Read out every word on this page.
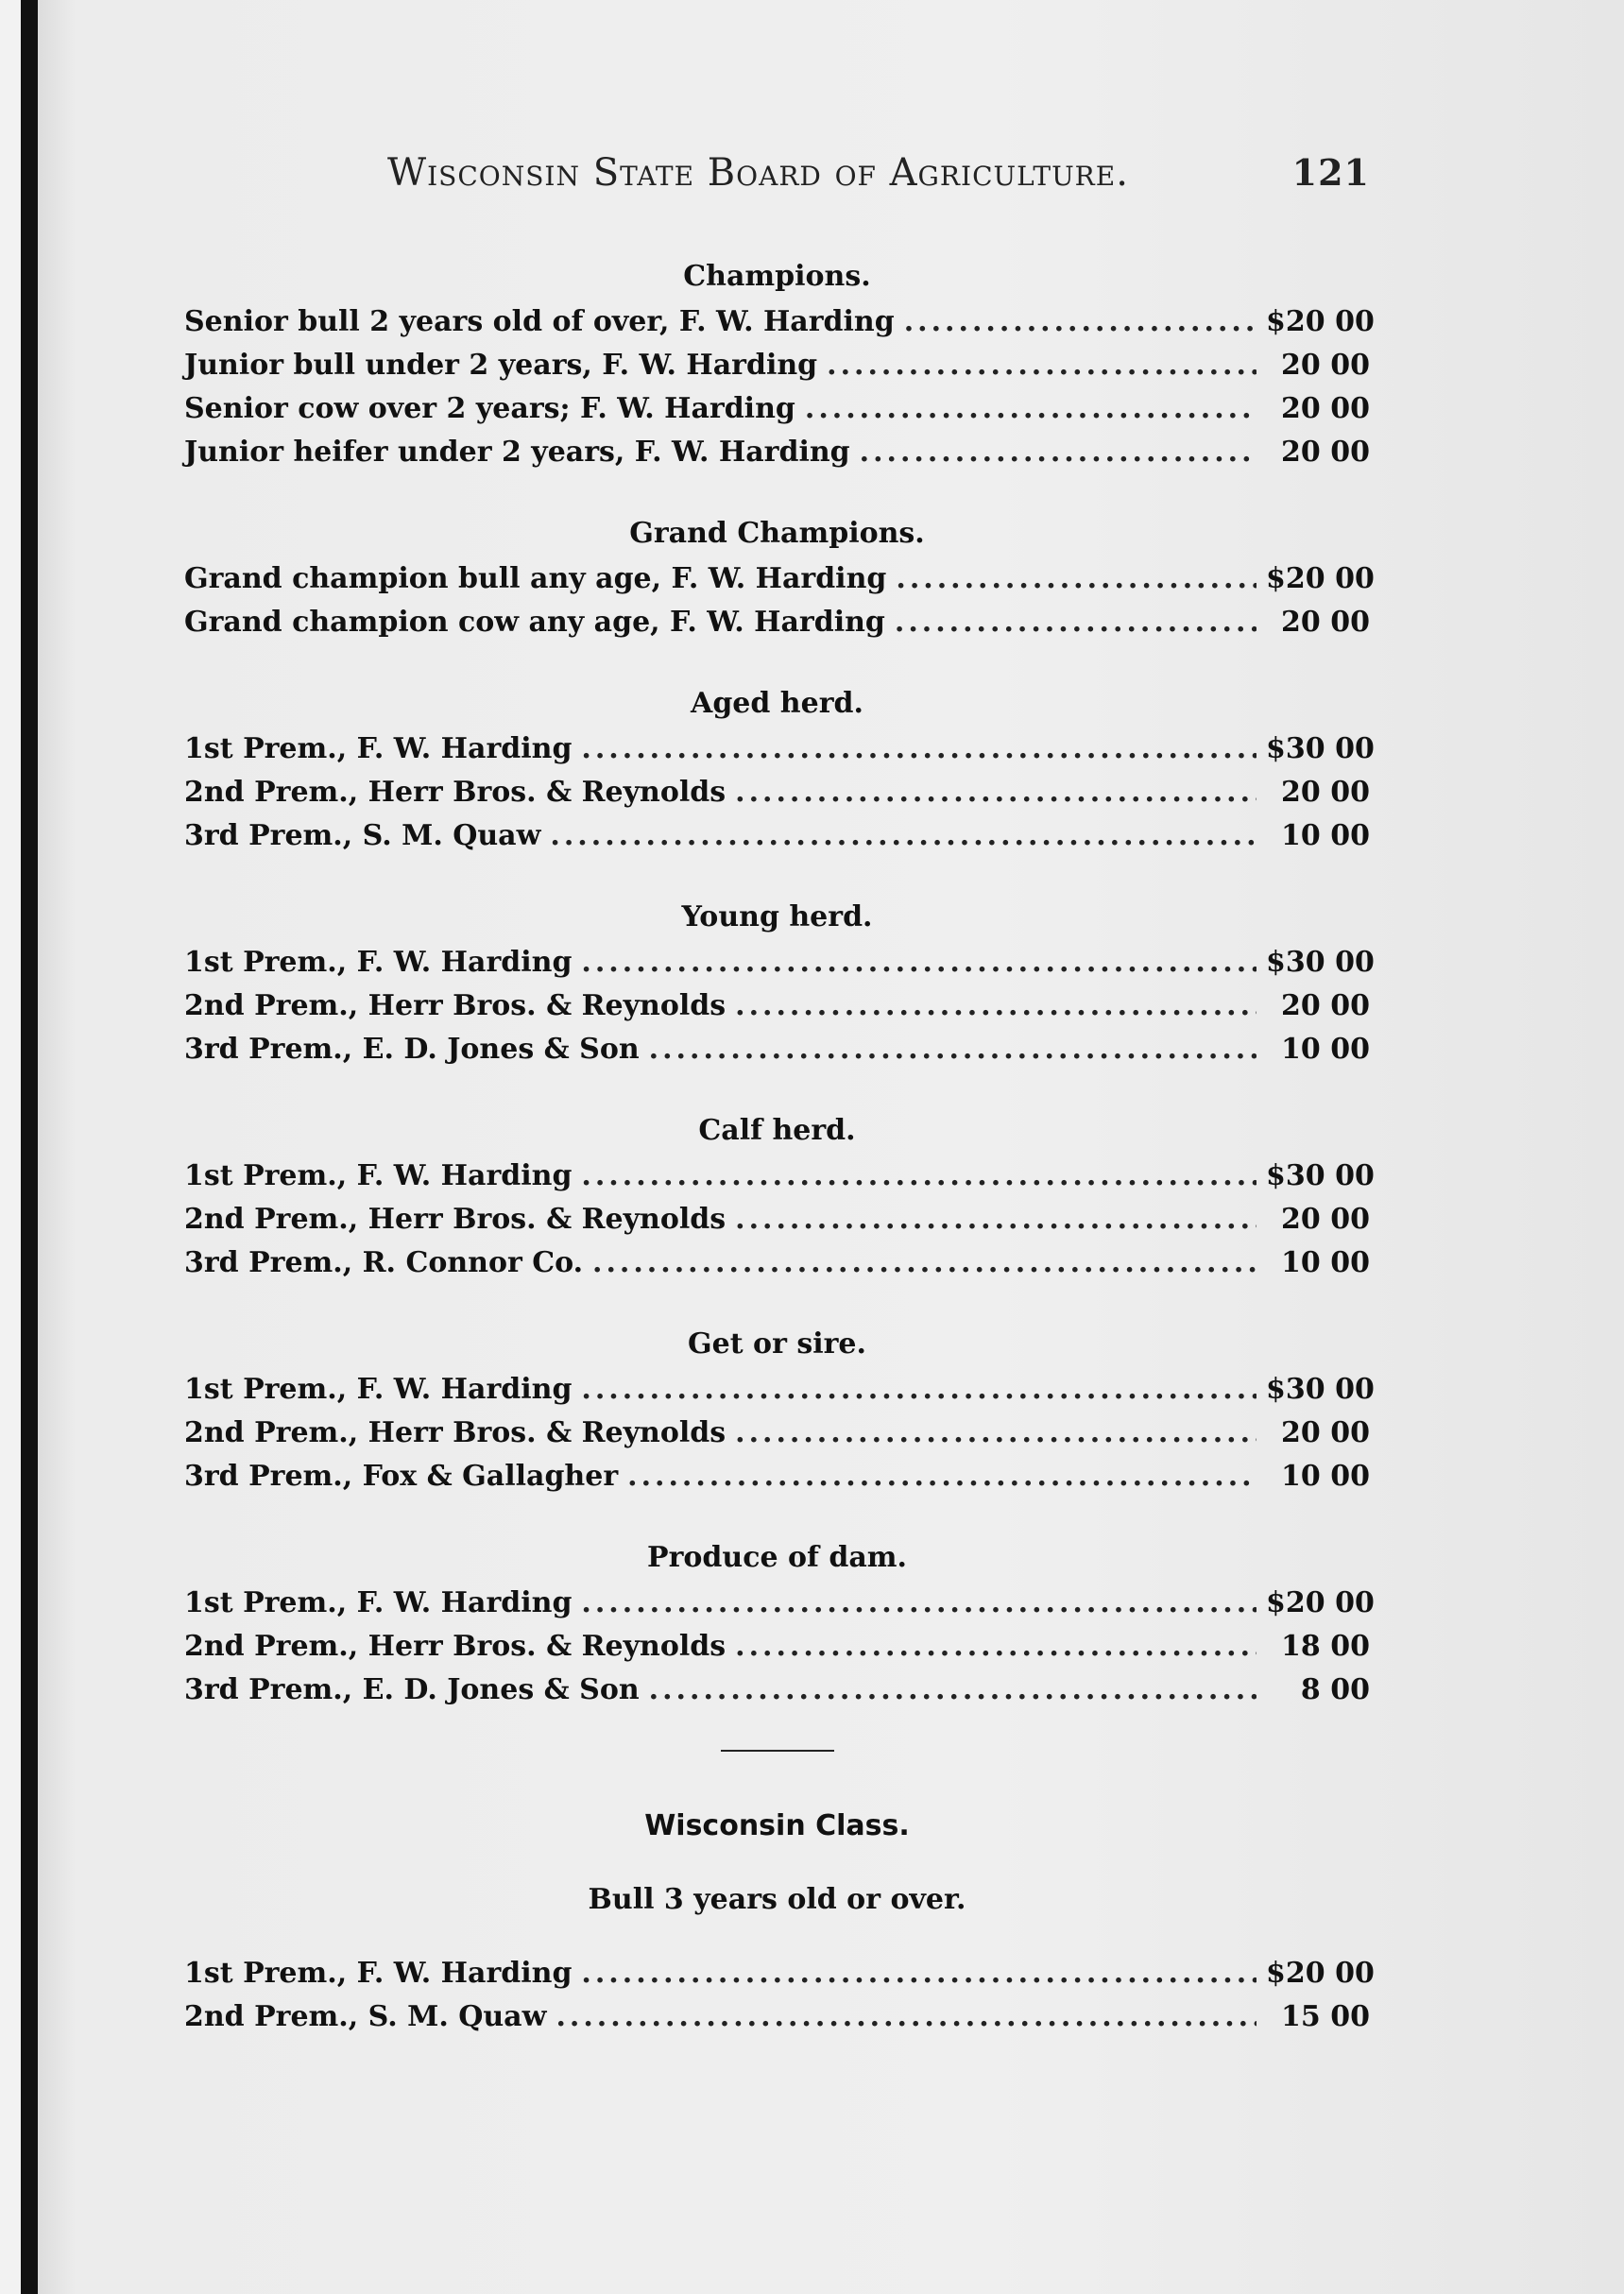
Wisconsin State Board of Agriculture.	121
Champions.
Senior bull 2 years old of over, F. W. Harding .....	$20 00
Junior bull under 2 years, F. W. Harding .....	20 00
Senior cow over 2 years; F. W. Harding .....	20 00
Junior heifer under 2 years, F. W. Harding .....	20 00
Grand Champions.
Grand champion bull any age, F. W. Harding .....	$20 00
Grand champion cow any age, F. W. Harding .....	20 00
Aged herd.
1st Prem., F. W. Harding .....	$30 00
2nd Prem., Herr Bros. & Reynolds .....	20 00
3rd Prem., S. M. Quaw .....	10 00
Young herd.
1st Prem., F. W. Harding .....	$30 00
2nd Prem., Herr Bros. & Reynolds .....	20 00
3rd Prem., E. D. Jones & Son .....	10 00
Calf herd.
1st Prem., F. W. Harding .....	$30 00
2nd Prem., Herr Bros. & Reynolds .....	20 00
3rd Prem., R. Connor Co. .....	10 00
Get or sire.
1st Prem., F. W. Harding .....	$30 00
2nd Prem., Herr Bros. & Reynolds .....	20 00
3rd Prem., Fox & Gallagher .....	10 00
Produce of dam.
1st Prem., F. W. Harding .....	$20 00
2nd Prem., Herr Bros. & Reynolds .....	18 00
3rd Prem., E. D. Jones & Son .....	8 00
Wisconsin Class.
Bull 3 years old or over.
1st Prem., F. W. Harding .....	$20 00
2nd Prem., S. M. Quaw .....	15 00
